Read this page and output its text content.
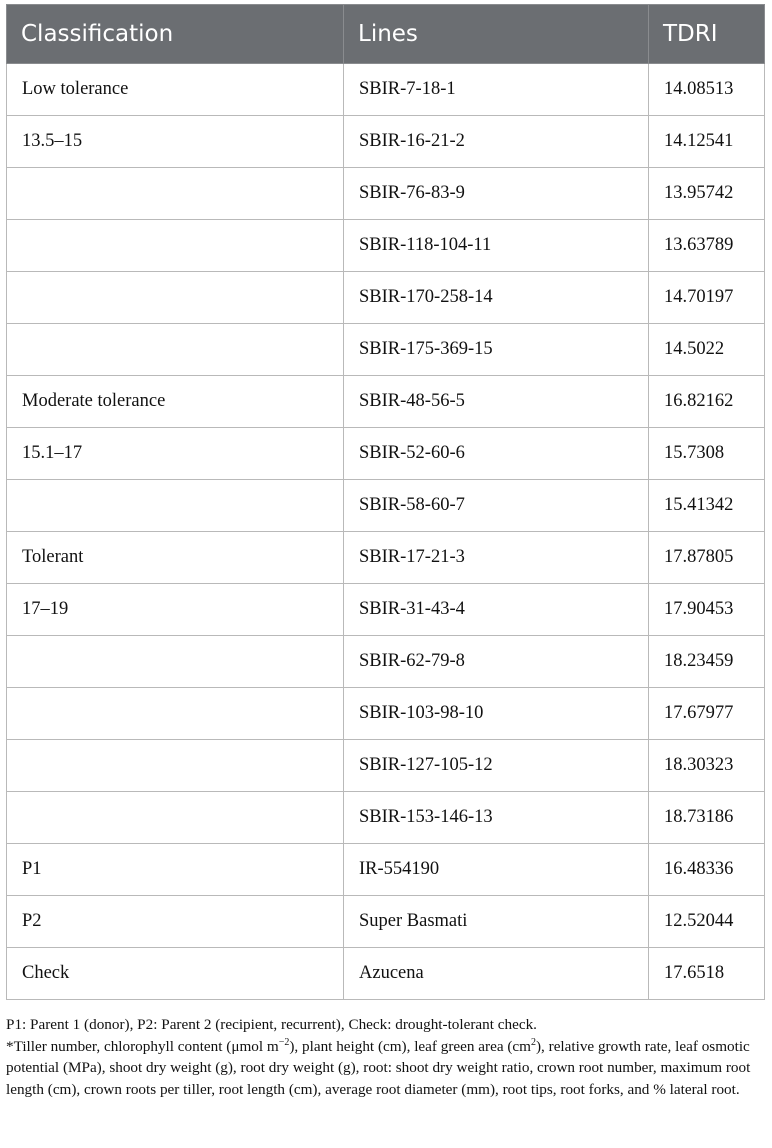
Classification	Lines	TDRI
Low tolerance	SBIR-7-18-1	14.08513
13.5–15	SBIR-16-21-2	14.12541
	SBIR-76-83-9	13.95742
	SBIR-118-104-11	13.63789
	SBIR-170-258-14	14.70197
	SBIR-175-369-15	14.5022
Moderate tolerance	SBIR-48-56-5	16.82162
15.1–17	SBIR-52-60-6	15.7308
	SBIR-58-60-7	15.41342
Tolerant	SBIR-17-21-3	17.87805
17–19	SBIR-31-43-4	17.90453
	SBIR-62-79-8	18.23459
	SBIR-103-98-10	17.67977
	SBIR-127-105-12	18.30323
	SBIR-153-146-13	18.73186
P1	IR-554190	16.48336
P2	Super Basmati	12.52044
Check	Azucena	17.6518

P1: Parent 1 (donor), P2: Parent 2 (recipient, recurrent), Check: drought-tolerant check.

*Tiller number, chlorophyll content (μmol $m^{-2}$), plant height (cm), leaf green area $(cm^2)$, relative growth rate, leaf osmotic potential (MPa), shoot dry weight (g), root dry weight (g), root: shoot dry weight ratio, crown root number, maximum root length (cm), crown roots per tiller, root length (cm), average root diameter (mm), root tips, root forks, and % lateral root.
